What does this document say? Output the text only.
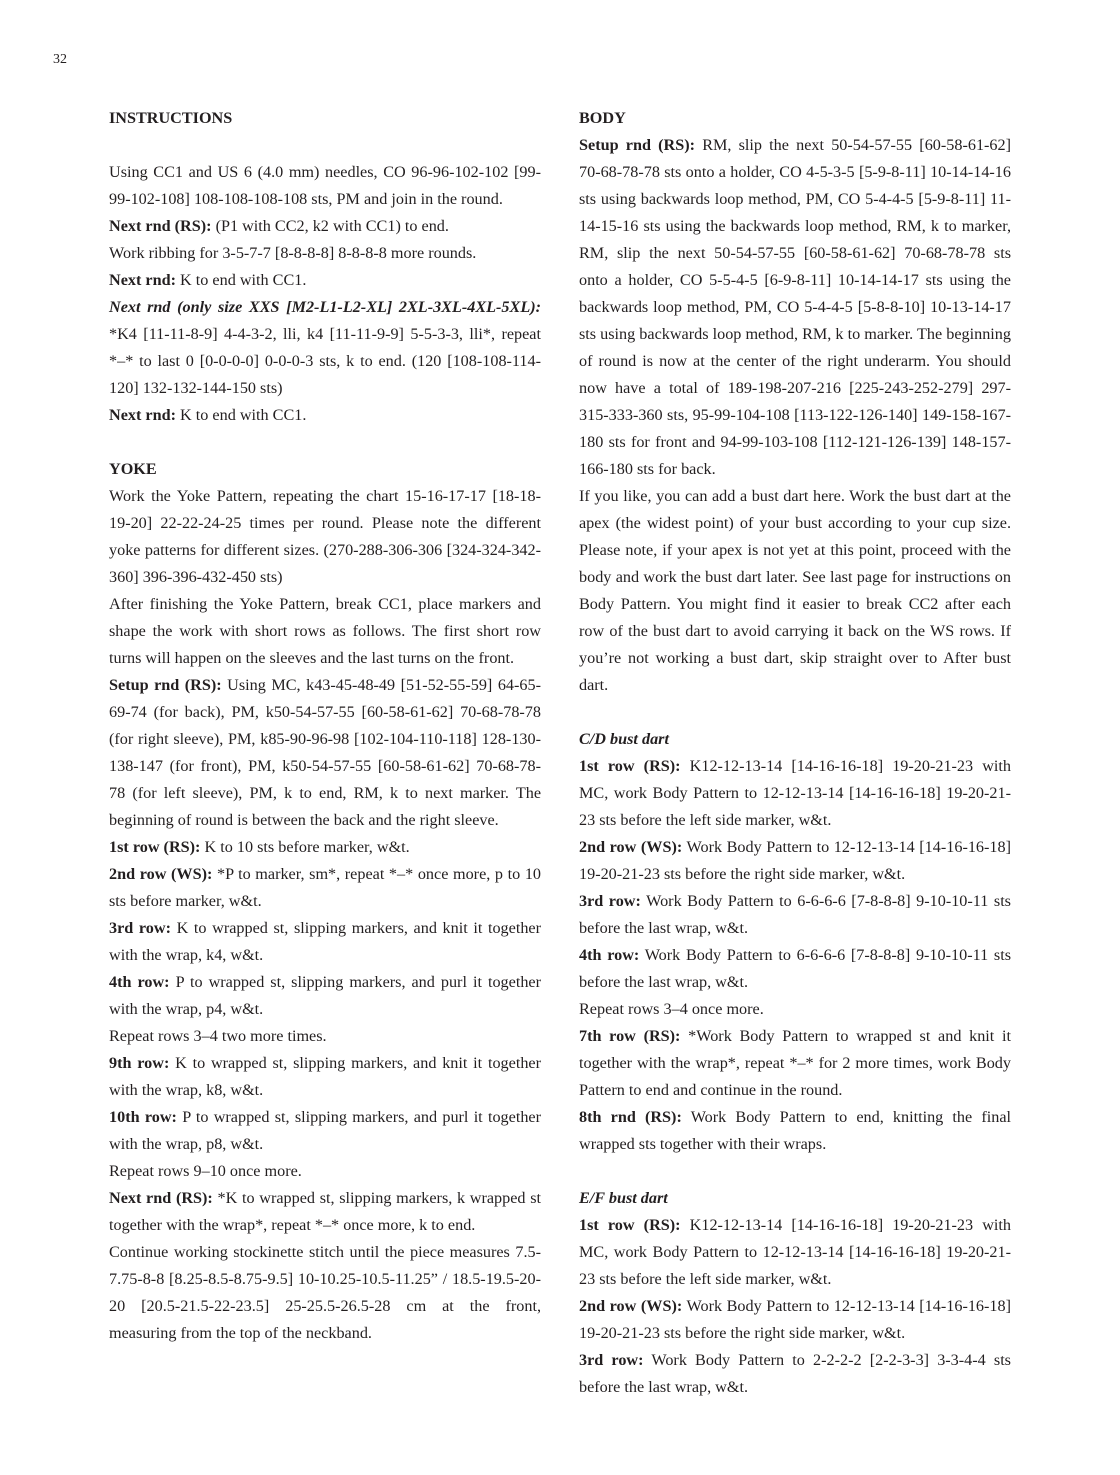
32

INSTRUCTIONS

Using CC1 and US 6 (4.0 mm) needles, CO 96-96-102-102 [99-99-102-108] 108-108-108-108 sts, PM and join in the round.

Next rnd (RS): (P1 with CC2, k2 with CC1) to end.

Work ribbing for 3-5-7-7 [8-8-8-8] 8-8-8-8 more rounds.

Next rnd: K to end with CC1.

Next rnd (only size XXS [M2-L1-L2-XL] 2XL-3XL-4XL-5XL): *K4 [11-11-8-9] 4-4-3-2, lli, k4 [11-11-9-9] 5-5-3-3, lli*, repeat *–* to last 0 [0-0-0-0] 0-0-0-3 sts, k to end. (120 [108-108-114-120] 132-132-144-150 sts)

Next rnd: K to end with CC1.

YOKE

Work the Yoke Pattern, repeating the chart 15-16-17-17 [18-18-19-20] 22-22-24-25 times per round. Please note the different yoke patterns for different sizes. (270-288-306-306 [324-324-342-360] 396-396-432-450 sts)

After finishing the Yoke Pattern, break CC1, place markers and shape the work with short rows as follows. The first short row turns will happen on the sleeves and the last turns on the front.

Setup rnd (RS): Using MC, k43-45-48-49 [51-52-55-59] 64-65-69-74 (for back), PM, k50-54-57-55 [60-58-61-62] 70-68-78-78 (for right sleeve), PM, k85-90-96-98 [102-104-110-118] 128-130-138-147 (for front), PM, k50-54-57-55 [60-58-61-62] 70-68-78-78 (for left sleeve), PM, k to end, RM, k to next marker. The beginning of round is between the back and the right sleeve.

1st row (RS): K to 10 sts before marker, w&t.

2nd row (WS): *P to marker, sm*, repeat *–* once more, p to 10 sts before marker, w&t.

3rd row: K to wrapped st, slipping markers, and knit it together with the wrap, k4, w&t.

4th row: P to wrapped st, slipping markers, and purl it together with the wrap, p4, w&t.

Repeat rows 3–4 two more times.

9th row: K to wrapped st, slipping markers, and knit it together with the wrap, k8, w&t.

10th row: P to wrapped st, slipping markers, and purl it together with the wrap, p8, w&t.

Repeat rows 9–10 once more.

Next rnd (RS): *K to wrapped st, slipping markers, k wrapped st together with the wrap*, repeat *–* once more, k to end.

Continue working stockinette stitch until the piece measures 7.5-7.75-8-8 [8.25-8.5-8.75-9.5] 10-10.25-10.5-11.25” / 18.5-19.5-20-20 [20.5-21.5-22-23.5] 25-25.5-26.5-28 cm at the front, measuring from the top of the neckband.

BODY

Setup rnd (RS): RM, slip the next 50-54-57-55 [60-58-61-62] 70-68-78-78 sts onto a holder, CO 4-5-3-5 [5-9-8-11] 10-14-14-16 sts using backwards loop method, PM, CO 5-4-4-5 [5-9-8-11] 11-14-15-16 sts using the backwards loop method, RM, k to marker, RM, slip the next 50-54-57-55 [60-58-61-62] 70-68-78-78 sts onto a holder, CO 5-5-4-5 [6-9-8-11] 10-14-14-17 sts using the backwards loop method, PM, CO 5-4-4-5 [5-8-8-10] 10-13-14-17 sts using backwards loop method, RM, k to marker. The beginning of round is now at the center of the right underarm. You should now have a total of 189-198-207-216 [225-243-252-279] 297-315-333-360 sts, 95-99-104-108 [113-122-126-140] 149-158-167-180 sts for front and 94-99-103-108 [112-121-126-139] 148-157-166-180 sts for back.

If you like, you can add a bust dart here. Work the bust dart at the apex (the widest point) of your bust according to your cup size. Please note, if your apex is not yet at this point, proceed with the body and work the bust dart later. See last page for instructions on Body Pattern. You might find it easier to break CC2 after each row of the bust dart to avoid carrying it back on the WS rows. If you’re not working a bust dart, skip straight over to After bust dart.

C/D bust dart

1st row (RS): K12-12-13-14 [14-16-16-18] 19-20-21-23 with MC, work Body Pattern to 12-12-13-14 [14-16-16-18] 19-20-21-23 sts before the left side marker, w&t.

2nd row (WS): Work Body Pattern to 12-12-13-14 [14-16-16-18] 19-20-21-23 sts before the right side marker, w&t.

3rd row: Work Body Pattern to 6-6-6-6 [7-8-8-8] 9-10-10-11 sts before the last wrap, w&t.

4th row: Work Body Pattern to 6-6-6-6 [7-8-8-8] 9-10-10-11 sts before the last wrap, w&t.

Repeat rows 3–4 once more.

7th row (RS): *Work Body Pattern to wrapped st and knit it together with the wrap*, repeat *–* for 2 more times, work Body Pattern to end and continue in the round.

8th rnd (RS): Work Body Pattern to end, knitting the final wrapped sts together with their wraps.

E/F bust dart

1st row (RS): K12-12-13-14 [14-16-16-18] 19-20-21-23 with MC, work Body Pattern to 12-12-13-14 [14-16-16-18] 19-20-21-23 sts before the left side marker, w&t.

2nd row (WS): Work Body Pattern to 12-12-13-14 [14-16-16-18] 19-20-21-23 sts before the right side marker, w&t.

3rd row: Work Body Pattern to 2-2-2-2 [2-2-3-3] 3-3-4-4 sts before the last wrap, w&t.
